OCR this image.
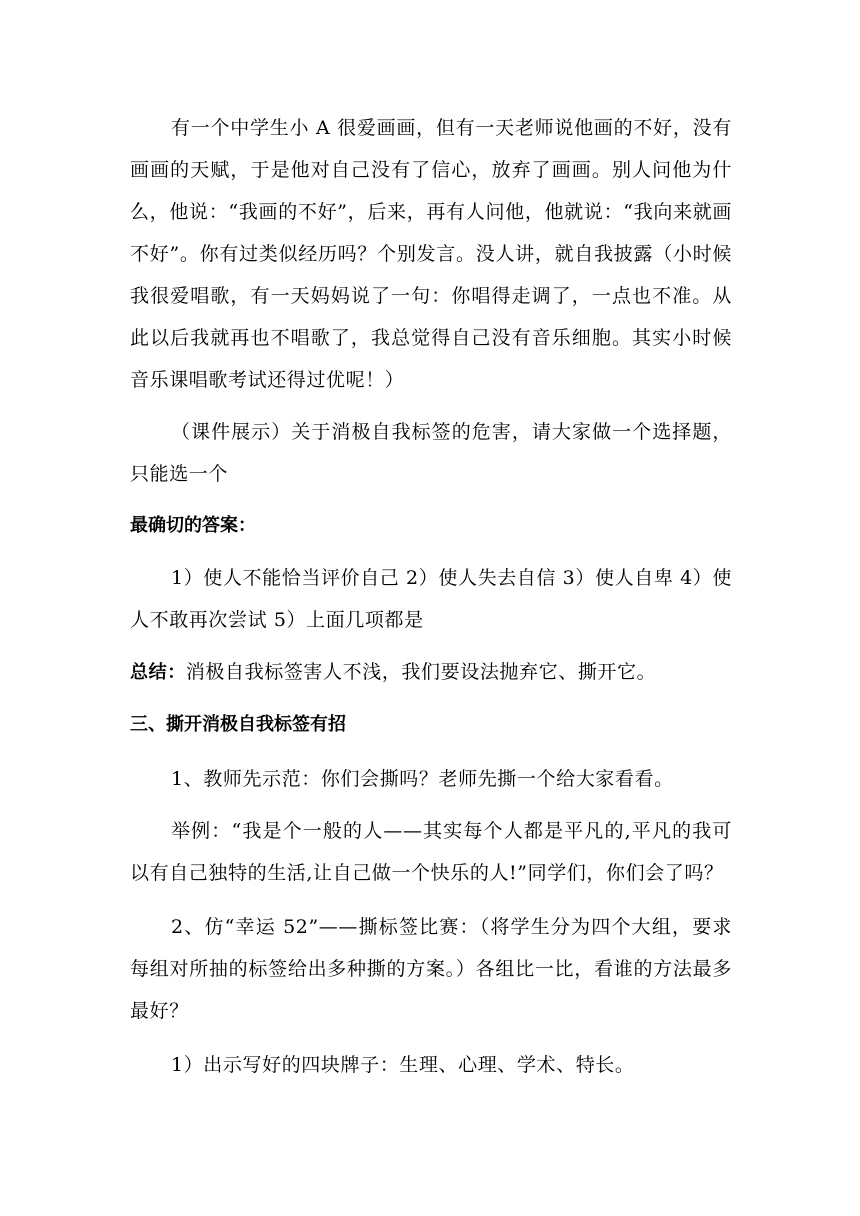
有一个中学生小 A 很爱画画，但有一天老师说他画的不好，没有画画的天赋，于是他对自己没有了信心，放弃了画画。别人问他为什么，他说：“我画的不好”，后来，再有人问他，他就说：“我向来就画不好”。你有过类似经历吗？个别发言。没人讲，就自我披露（小时候我很爱唱歌，有一天妈妈说了一句：你唱得走调了，一点也不准。从此以后我就再也不唱歌了，我总觉得自己没有音乐细胞。其实小时候音乐课唱歌考试还得过优呢！）

（课件展示）关于消极自我标签的危害，请大家做一个选择题，只能选一个

最确切的答案：

1）使人不能恰当评价自己 2）使人失去自信 3）使人自卑 4）使人不敢再次尝试 5）上面几项都是

总结：消极自我标签害人不浅，我们要设法抛弃它、撕开它。

三、撕开消极自我标签有招

1、教师先示范：你们会撕吗？老师先撕一个给大家看看。

举例：“我是个一般的人——其实每个人都是平凡的,平凡的我可以有自己独特的生活,让自己做一个快乐的人!”同学们，你们会了吗？

2、仿“幸运 52”——撕标签比赛：（将学生分为四个大组，要求每组对所抽的标签给出多种撕的方案。）各组比一比，看谁的方法最多最好？

1）出示写好的四块牌子：生理、心理、学术、特长。
